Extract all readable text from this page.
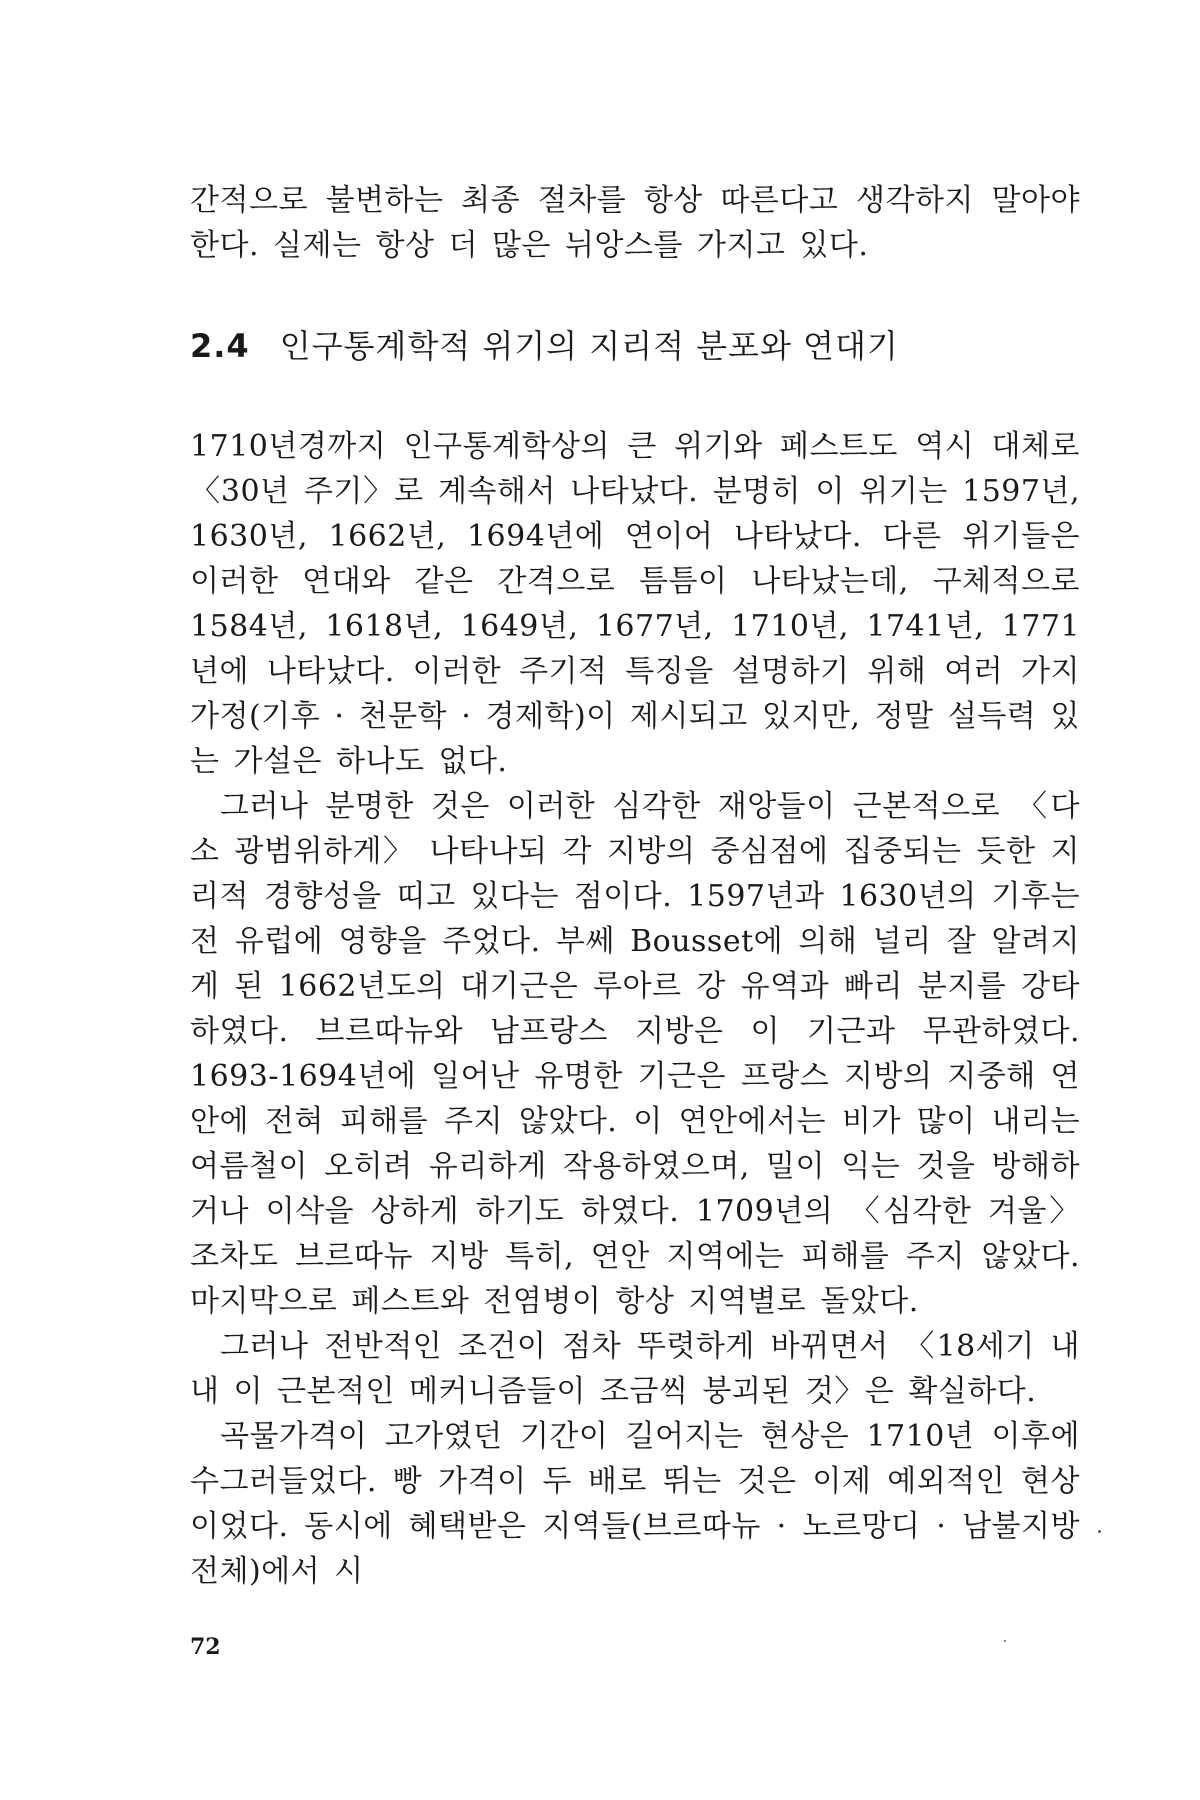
간적으로 불변하는 최종 절차를 항상 따른다고 생각하지 말아야 한다. 실제는 항상 더 많은 뉘앙스를 가지고 있다.
2.4 인구통계학적 위기의 지리적 분포와 연대기

1710년경까지 인구통계학상의 큰 위기와 페스트도 역시 대체로 〈30년 주기〉로 계속해서 나타났다. 분명히 이 위기는 1597년, 1630년, 1662년, 1694년에 연이어 나타났다. 다른 위기들은 이러한 연대와 같은 간격으로 틈틈이 나타났는데, 구체적으로 1584년, 1618년, 1649년, 1677년, 1710년, 1741년, 1771년에 나타났다. 이러한 주기적 특징을 설명하기 위해 여러 가지 가정(기후 · 천문학 · 경제학)이 제시되고 있지만, 정말 설득력 있는 가설은 하나도 없다.

그러나 분명한 것은 이러한 심각한 재앙들이 근본적으로 〈다소 광범위하게〉 나타나되 각 지방의 중심점에 집중되는 듯한 지리적 경향성을 띠고 있다는 점이다. 1597년과 1630년의 기후는 전 유럽에 영향을 주었다. 부쎄 Bousset에 의해 널리 잘 알려지게 된 1662년도의 대기근은 루아르 강 유역과 빠리 분지를 강타하였다. 브르따뉴와 남프랑스 지방은 이 기근과 무관하였다. 1693-1694년에 일어난 유명한 기근은 프랑스 지방의 지중해 연안에 전혀 피해를 주지 않았다. 이 연안에서는 비가 많이 내리는 여름철이 오히려 유리하게 작용하였으며, 밀이 익는 것을 방해하거나 이삭을 상하게 하기도 하였다. 1709년의 〈심각한 겨울〉조차도 브르따뉴 지방 특히, 연안 지역에는 피해를 주지 않았다. 마지막으로 페스트와 전염병이 항상 지역별로 돌았다.

그러나 전반적인 조건이 점차 뚜렷하게 바뀌면서 〈18세기 내내 이 근본적인 메커니즘들이 조금씩 붕괴된 것〉은 확실하다.

곡물가격이 고가였던 기간이 길어지는 현상은 1710년 이후에 수그러들었다. 빵 가격이 두 배로 뛰는 것은 이제 예외적인 현상이었다. 동시에 혜택받은 지역들(브르따뉴 · 노르망디 · 남불지방 전체)에서 시

72
